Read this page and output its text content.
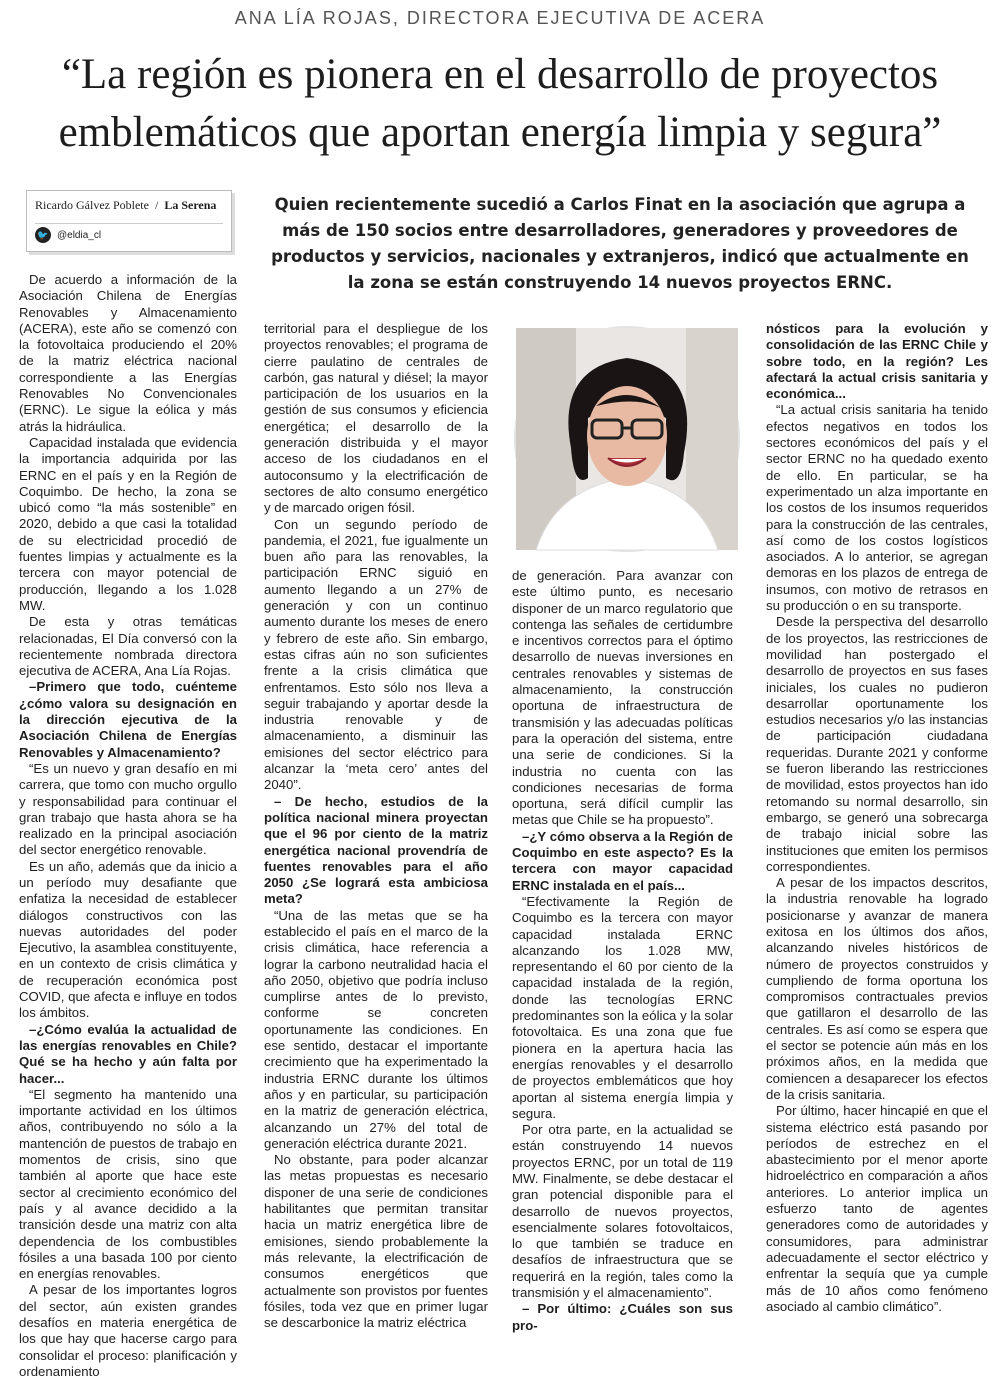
ANA LÍA ROJAS, DIRECTORA EJECUTIVA DE ACERA
“La región es pionera en el desarrollo de proyectos emblemáticos que aportan energía limpia y segura”
Ricardo Gálvez Poblete / La Serena
🐦 @eldia_cl
Quien recientemente sucedió a Carlos Finat en la asociación que agrupa a más de 150 socios entre desarrolladores, generadores y proveedores de productos y servicios, nacionales y extranjeros, indicó que actualmente en la zona se están construyendo 14 nuevos proyectos ERNC.

De acuerdo a información de la Asociación Chilena de Energías Renovables y Almacenamiento (ACERA), este año se comenzó con la fotovoltaica produciendo el 20% de la matriz eléctrica nacional correspondiente a las Energías Renovables No Convencionales (ERNC). Le sigue la eólica y más atrás la hidráulica.

Capacidad instalada que evidencia la importancia adquirida por las ERNC en el país y en la Región de Coquimbo. De hecho, la zona se ubicó como “la más sostenible” en 2020, debido a que casi la totalidad de su electricidad procedió de fuentes limpias y actualmente es la tercera con mayor potencial de producción, llegando a los 1.028 MW.

De esta y otras temáticas relacionadas, El Día conversó con la recientemente nombrada directora ejecutiva de ACERA, Ana Lía Rojas.

–Primero que todo, cuénteme ¿cómo valora su designación en la dirección ejecutiva de la Asociación Chilena de Energías Renovables y Almacenamiento?

“Es un nuevo y gran desafío en mi carrera, que tomo con mucho orgullo y responsabilidad para continuar el gran trabajo que hasta ahora se ha realizado en la principal asociación del sector energético renovable.

Es un año, además que da inicio a un período muy desafiante que enfatiza la necesidad de establecer diálogos constructivos con las nuevas autoridades del poder Ejecutivo, la asamblea constituyente, en un contexto de crisis climática y de recuperación económica post COVID, que afecta e influye en todos los ámbitos.

–¿Cómo evalúa la actualidad de las energías renovables en Chile? Qué se ha hecho y aún falta por hacer...

“El segmento ha mantenido una importante actividad en los últimos años, contribuyendo no sólo a la mantención de puestos de trabajo en momentos de crisis, sino que también al aporte que hace este sector al crecimiento económico del país y al avance decidido a la transición desde una matriz con alta dependencia de los combustibles fósiles a una basada 100 por ciento en energías renovables.

A pesar de los importantes logros del sector, aún existen grandes desafíos en materia energética de los que hay que hacerse cargo para consolidar el proceso: planificación y ordenamiento

territorial para el despliegue de los proyectos renovables; el programa de cierre paulatino de centrales de carbón, gas natural y diésel; la mayor participación de los usuarios en la gestión de sus consumos y eficiencia energética; el desarrollo de la generación distribuida y el mayor acceso de los ciudadanos en el autoconsumo y la electrificación de sectores de alto consumo energético y de marcado origen fósil.

Con un segundo período de pandemia, el 2021, fue igualmente un buen año para las renovables, la participación ERNC siguió en aumento llegando a un 27% de generación y con un continuo aumento durante los meses de enero y febrero de este año. Sin embargo, estas cifras aún no son suficientes frente a la crisis climática que enfrentamos. Esto sólo nos lleva a seguir trabajando y aportar desde la industria renovable y de almacenamiento, a disminuir las emisiones del sector eléctrico para alcanzar la ‘meta cero’ antes del 2040”.

– De hecho, estudios de la política nacional minera proyectan que el 96 por ciento de la matriz energética nacional provendría de fuentes renovables para el año 2050 ¿Se logrará esta ambiciosa meta?

“Una de las metas que se ha establecido el país en el marco de la crisis climática, hace referencia a lograr la carbono neutralidad hacia el año 2050, objetivo que podría incluso cumplirse antes de lo previsto, conforme se concreten oportunamente las condiciones. En ese sentido, destacar el importante crecimiento que ha experimentado la industria ERNC durante los últimos años y en particular, su participación en la matriz de generación eléctrica, alcanzando un 27% del total de generación eléctrica durante 2021.

No obstante, para poder alcanzar las metas propuestas es necesario disponer de una serie de condiciones habilitantes que permitan transitar hacia un matriz energética libre de emisiones, siendo probablemente la más relevante, la electrificación de consumos energéticos que actualmente son provistos por fuentes fósiles, toda vez que en primer lugar se descarbonice la matriz eléctrica

de generación. Para avanzar con este último punto, es necesario disponer de un marco regulatorio que contenga las señales de certidumbre e incentivos correctos para el óptimo desarrollo de nuevas inversiones en centrales renovables y sistemas de almacenamiento, la construcción oportuna de infraestructura de transmisión y las adecuadas políticas para la operación del sistema, entre una serie de condiciones. Si la industria no cuenta con las condiciones necesarias de forma oportuna, será difícil cumplir las metas que Chile se ha propuesto”.

–¿Y cómo observa a la Región de Coquimbo en este aspecto? Es la tercera con mayor capacidad ERNC instalada en el país...

“Efectivamente la Región de Coquimbo es la tercera con mayor capacidad instalada ERNC alcanzando los 1.028 MW, representando el 60 por ciento de la capacidad instalada de la región, donde las tecnologías ERNC predominantes son la eólica y la solar fotovoltaica. Es una zona que fue pionera en la apertura hacia las energías renovables y el desarrollo de proyectos emblemáticos que hoy aportan al sistema energía limpia y segura.

Por otra parte, en la actualidad se están construyendo 14 nuevos proyectos ERNC, por un total de 119 MW. Finalmente, se debe destacar el gran potencial disponible para el desarrollo de nuevos proyectos, esencialmente solares fotovoltaicos, lo que también se traduce en desafíos de infraestructura que se requerirá en la región, tales como la transmisión y el almacenamiento”.

– Por último: ¿Cuáles son sus pro-

nósticos para la evolución y consolidación de las ERNC Chile y sobre todo, en la región? Les afectará la actual crisis sanitaria y económica...

“La actual crisis sanitaria ha tenido efectos negativos en todos los sectores económicos del país y el sector ERNC no ha quedado exento de ello. En particular, se ha experimentado un alza importante en los costos de los insumos requeridos para la construcción de las centrales, así como de los costos logísticos asociados. A lo anterior, se agregan demoras en los plazos de entrega de insumos, con motivo de retrasos en su producción o en su transporte.

Desde la perspectiva del desarrollo de los proyectos, las restricciones de movilidad han postergado el desarrollo de proyectos en sus fases iniciales, los cuales no pudieron desarrollar oportunamente los estudios necesarios y/o las instancias de participación ciudadana requeridas. Durante 2021 y conforme se fueron liberando las restricciones de movilidad, estos proyectos han ido retomando su normal desarrollo, sin embargo, se generó una sobrecarga de trabajo inicial sobre las instituciones que emiten los permisos correspondientes.

A pesar de los impactos descritos, la industria renovable ha logrado posicionarse y avanzar de manera exitosa en los últimos dos años, alcanzando niveles históricos de número de proyectos construidos y cumpliendo de forma oportuna los compromisos contractuales previos que gatillaron el desarrollo de las centrales. Es así como se espera que el sector se potencie aún más en los próximos años, en la medida que comiencen a desaparecer los efectos de la crisis sanitaria.

Por último, hacer hincapié en que el sistema eléctrico está pasando por períodos de estrechez en el abastecimiento por el menor aporte hidroeléctrico en comparación a años anteriores. Lo anterior implica un esfuerzo tanto de agentes generadores como de autoridades y consumidores, para administrar adecuadamente el sector eléctrico y enfrentar la sequía que ya cumple más de 10 años como fenómeno asociado al cambio climático”.
